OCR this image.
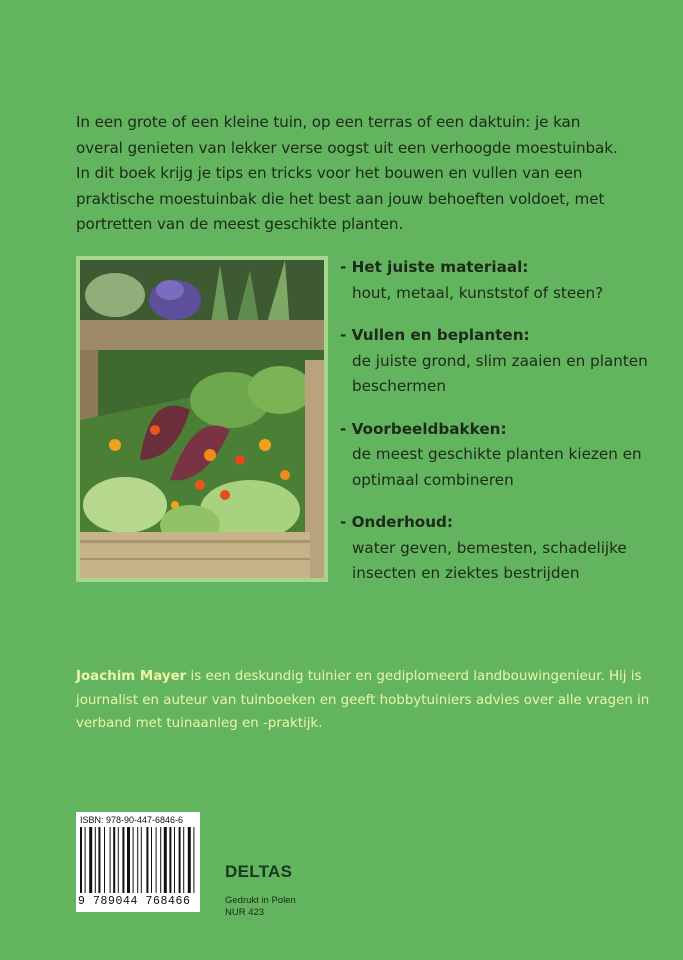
In een grote of een kleine tuin, op een terras of een daktuin: je kan overal genieten van lekker verse oogst uit een verhoogde moestuinbak. In dit boek krijg je tips en tricks voor het bouwen en vullen van een praktische moestuinbak die het best aan jouw behoeften voldoet, met portretten van de meest geschikte planten.

- Het juiste materiaal:
hout, metaal, kunststof of steen?
- Vullen en beplanten:
de juiste grond, slim zaaien en planten beschermen
- Voorbeeldbakken:
de meest geschikte planten kiezen en optimaal combineren
- Onderhoud:
water geven, bemesten, schadelijke insecten en ziektes bestrijden

Joachim Mayer is een deskundig tuinier en gediplomeerd landbouwingenieur. Hij is journalist en auteur van tuinboeken en geeft hobbytuiniers advies over alle vragen in verband met tuinaanleg en -praktijk.

ISBN: 978-90-447-6846-6
9 789044 768466
DELTAS
Gedrukt in Polen
NUR 423
